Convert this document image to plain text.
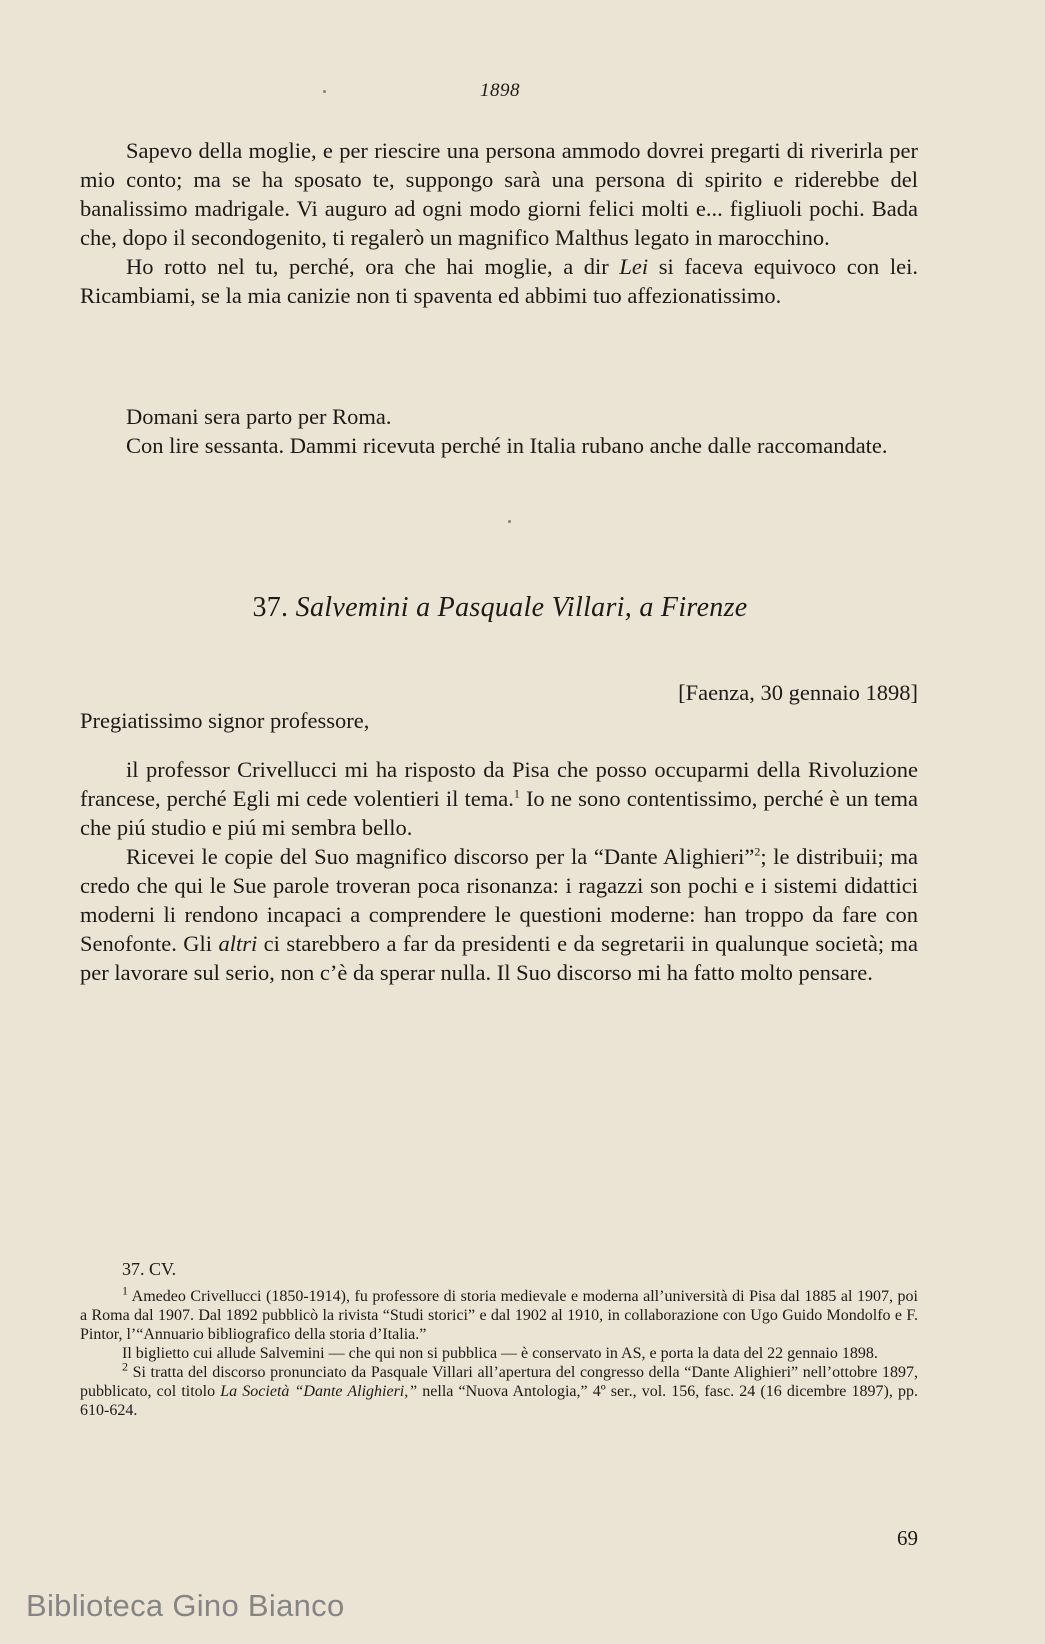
1898

Sapevo della moglie, e per riescire una persona ammodo dovrei pregarti di riverirla per mio conto; ma se ha sposato te, suppongo sarà una persona di spirito e riderebbe del banalissimo madrigale. Vi auguro ad ogni modo giorni felici molti e... figliuoli pochi. Bada che, dopo il secondogenito, ti regalerò un magnifico Malthus legato in marocchino.

Ho rotto nel tu, perché, ora che hai moglie, a dir Lei si faceva equivoco con lei. Ricambiami, se la mia canizie non ti spaventa ed abbimi tuo affezionatissimo.

Domani sera parto per Roma.

Con lire sessanta. Dammi ricevuta perché in Italia rubano anche dalle raccomandate.

37. Salvemini a Pasquale Villari, a Firenze
[Faenza, 30 gennaio 1898]
Pregiatissimo signor professore,

il professor Crivellucci mi ha risposto da Pisa che posso occuparmi della Rivoluzione francese, perché Egli mi cede volentieri il tema.$^1$ Io ne sono contentissimo, perché è un tema che piú studio e piú mi sembra bello.

Ricevei le copie del Suo magnifico discorso per la “Dante Alighieri”$^2$; le distribuii; ma credo che qui le Sue parole troveran poca risonanza: i ragazzi son pochi e i sistemi didattici moderni li rendono incapaci a comprendere le questioni moderne: han troppo da fare con Senofonte. Gli altri ci starebbero a far da presidenti e da segretarii in qualunque società; ma per lavorare sul serio, non c’è da sperar nulla. Il Suo discorso mi ha fatto molto pensare.

37. CV.

$^1$ Amedeo Crivellucci (1850-1914), fu professore di storia medievale e moderna all’università di Pisa dal 1885 al 1907, poi a Roma dal 1907. Dal 1892 pubblicò la rivista “Studi storici” e dal 1902 al 1910, in collaborazione con Ugo Guido Mondolfo e F. Pintor, l’“Annuario bibliografico della storia d’Italia.”

Il biglietto cui allude Salvemini — che qui non si pubblica — è conservato in AS, e porta la data del 22 gennaio 1898.

$^2$ Si tratta del discorso pronunciato da Pasquale Villari all’apertura del congresso della “Dante Alighieri” nell’ottobre 1897, pubblicato, col titolo La Società “Dante Alighieri,” nella “Nuova Antologia,” 4º ser., vol. 156, fasc. 24 (16 dicembre 1897), pp. 610-624.

69
Biblioteca Gino Bianco
